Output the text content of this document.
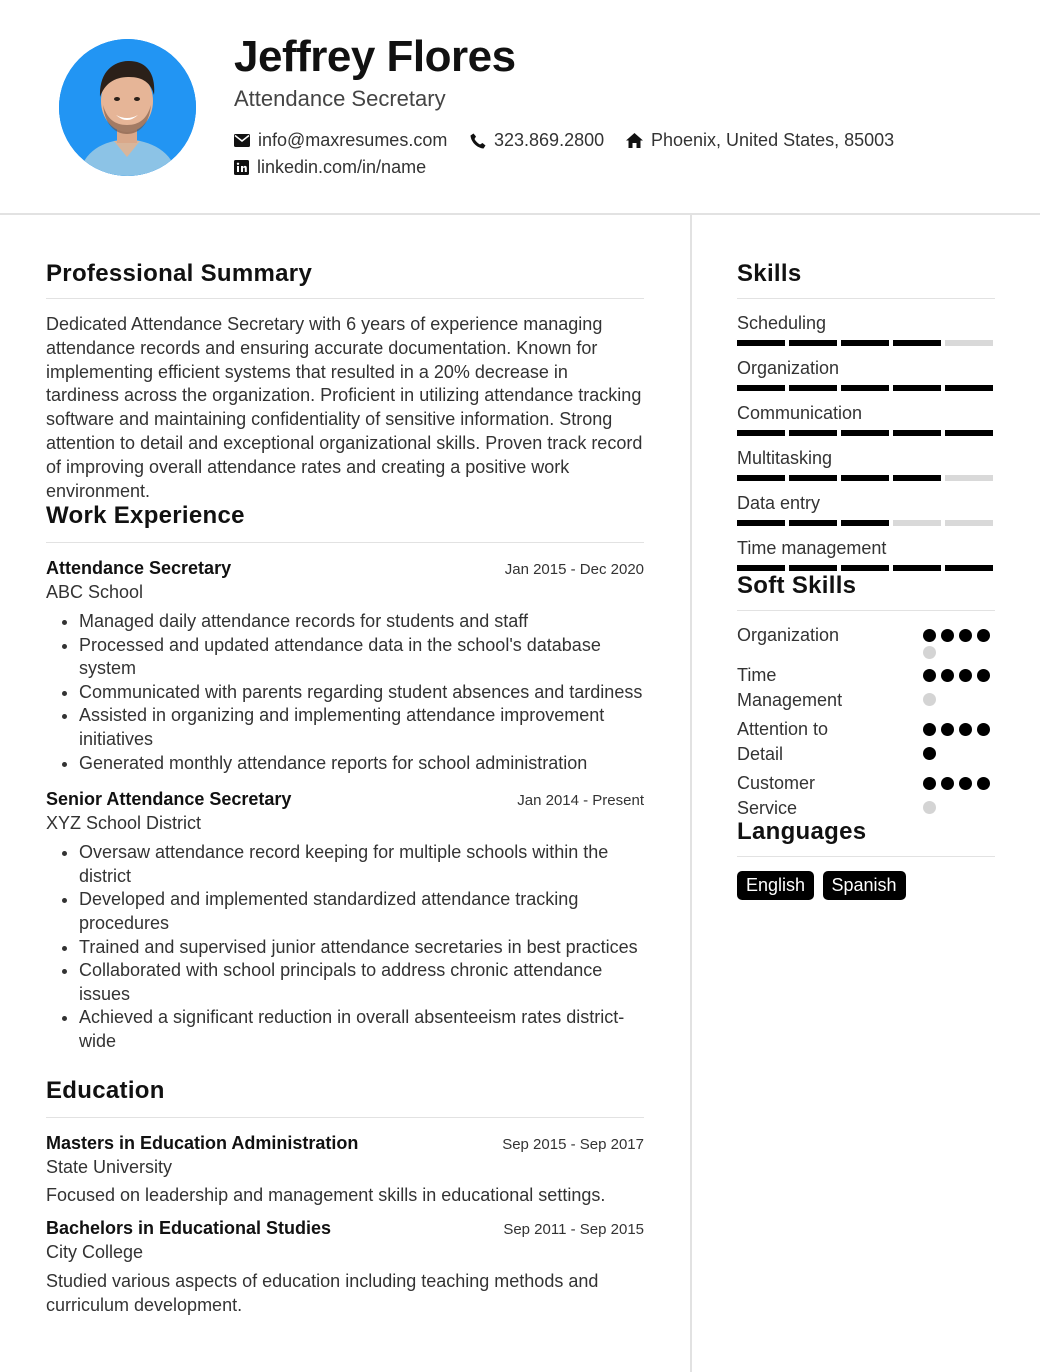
Jeffrey Flores
Attendance Secretary
info@maxresumes.com	323.869.2800	Phoenix, United States, 85003
linkedin.com/in/name
Professional Summary
Dedicated Attendance Secretary with 6 years of experience managing attendance records and ensuring accurate documentation. Known for implementing efficient systems that resulted in a 20% decrease in tardiness across the organization. Proficient in utilizing attendance tracking software and maintaining confidentiality of sensitive information. Strong attention to detail and exceptional organizational skills. Proven track record of improving overall attendance rates and creating a positive work environment.
Work Experience
Attendance Secretary	Jan 2015 - Dec 2020
ABC School
• Managed daily attendance records for students and staff
• Processed and updated attendance data in the school's database system
• Communicated with parents regarding student absences and tardiness
• Assisted in organizing and implementing attendance improvement initiatives
• Generated monthly attendance reports for school administration
Senior Attendance Secretary	Jan 2014 - Present
XYZ School District
• Oversaw attendance record keeping for multiple schools within the district
• Developed and implemented standardized attendance tracking procedures
• Trained and supervised junior attendance secretaries in best practices
• Collaborated with school principals to address chronic attendance issues
• Achieved a significant reduction in overall absenteeism rates district-wide
Education
Masters in Education Administration	Sep 2015 - Sep 2017
State University
Focused on leadership and management skills in educational settings.
Bachelors in Educational Studies	Sep 2011 - Sep 2015
City College
Studied various aspects of education including teaching methods and curriculum development.
Skills
Scheduling
Organization
Communication
Multitasking
Data entry
Time management
Soft Skills
Organization
Time Management
Attention to Detail
Customer Service
Languages
English Spanish
